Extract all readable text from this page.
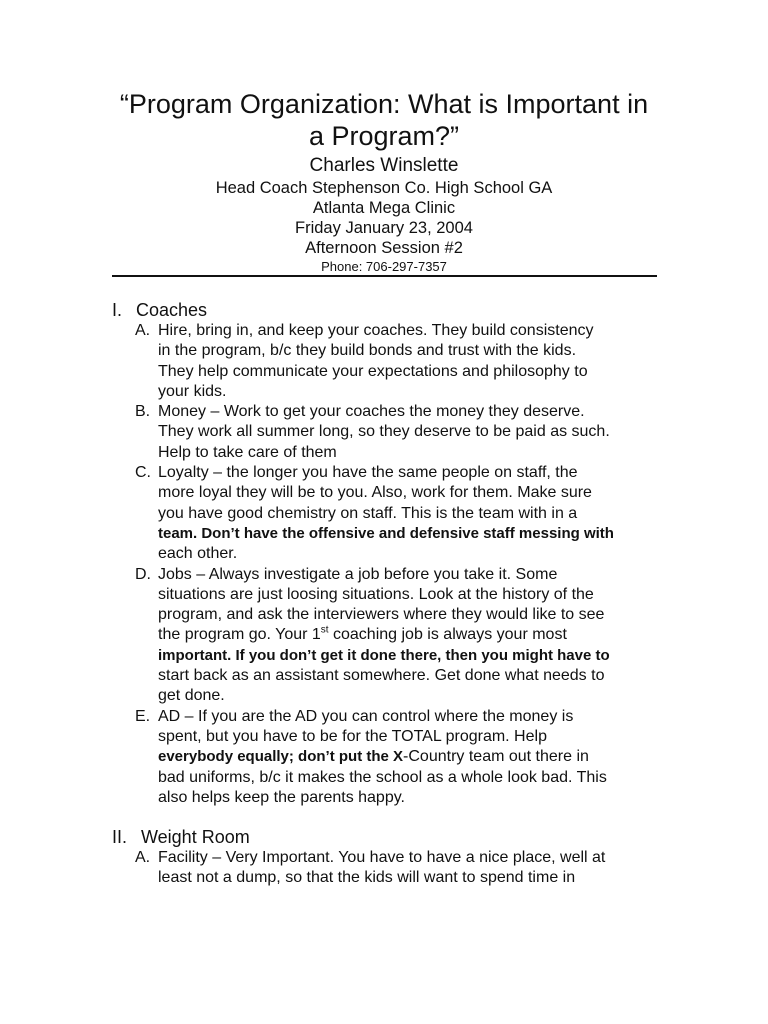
“Program Organization: What is Important in
a Program?”
Charles Winslette
Head Coach Stephenson Co. High School GA
Atlanta Mega Clinic
Friday January 23, 2004
Afternoon Session #2
Phone: 706-297-7357
I. Coaches
A. Hire, bring in, and keep your coaches. They build consistency
in the program, b/c they build bonds and trust with the kids.
They help communicate your expectations and philosophy to
your kids.
B. Money – Work to get your coaches the money they deserve.
They work all summer long, so they deserve to be paid as such.
Help to take care of them
C. Loyalty – the longer you have the same people on staff, the
more loyal they will be to you. Also, work for them. Make sure
you have good chemistry on staff. This is the team with in a
team. Don’t have the offensive and defensive staff messing with
each other.
D. Jobs – Always investigate a job before you take it. Some
situations are just loosing situations. Look at the history of the
program, and ask the interviewers where they would like to see
the program go. Your 1st coaching job is always your most
important. If you don’t get it done there, then you might have to
start back as an assistant somewhere. Get done what needs to
get done.
E. AD – If you are the AD you can control where the money is
spent, but you have to be for the TOTAL program. Help
everybody equally; don’t put the X-Country team out there in
bad uniforms, b/c it makes the school as a whole look bad. This
also helps keep the parents happy.
II. Weight Room
A. Facility – Very Important. You have to have a nice place, well at
least not a dump, so that the kids will want to spend time in
